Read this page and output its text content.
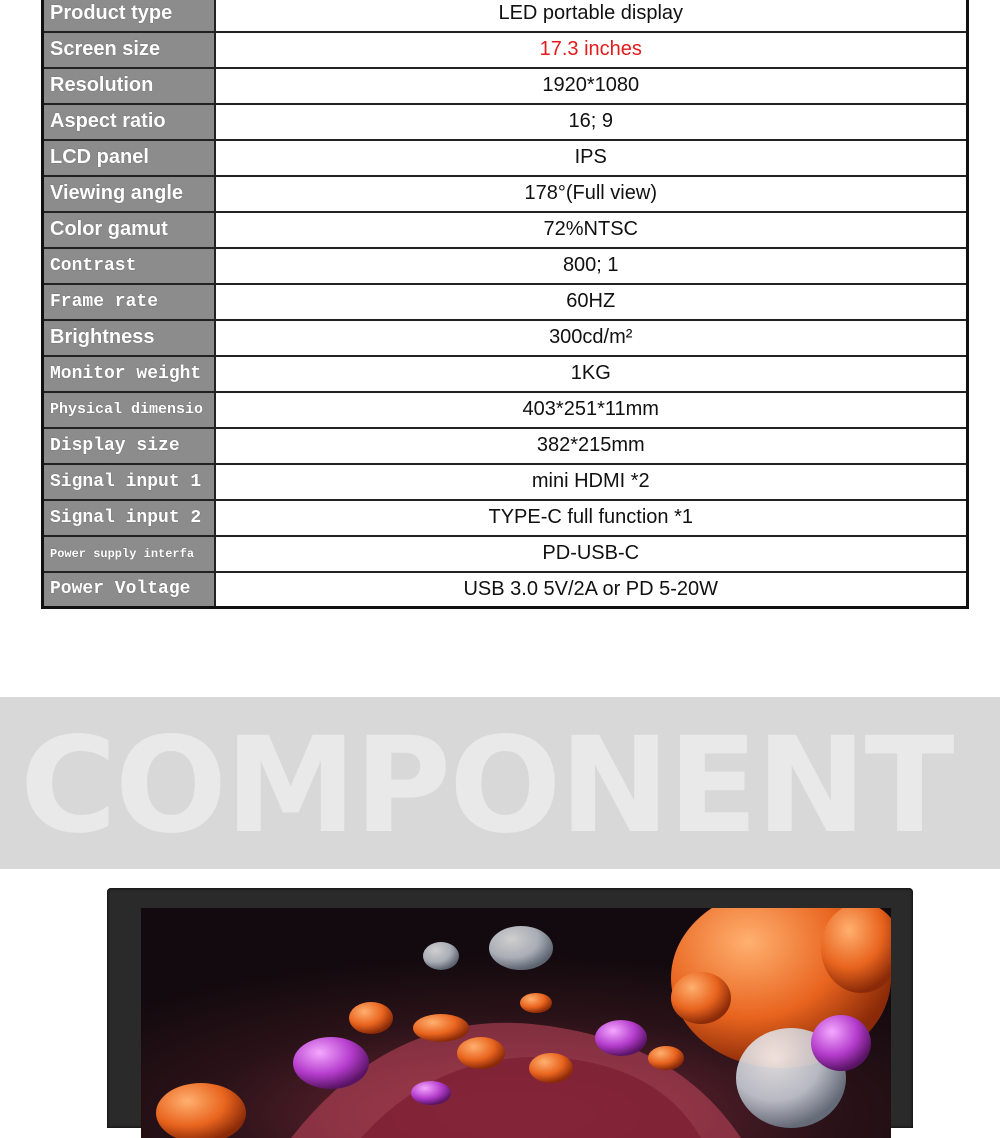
Product type	LED portable display
Screen size	17.3 inches
Resolution	1920*1080
Aspect ratio	16; 9
LCD panel	IPS
Viewing angle	178°(Full view)
Color gamut	72%NTSC
Contrast	800; 1
Frame rate	60HZ
Brightness	300cd/m²
Monitor weight	1KG
Physical dimensio	403*251*11mm
Display size	382*215mm
Signal input 1	mini HDMI *2
Signal input 2	TYPE-C full function *1
Power supply interfa	PD-USB-C
Power Voltage	USB 3.0 5V/2A or PD 5-20W
COMPONENT
